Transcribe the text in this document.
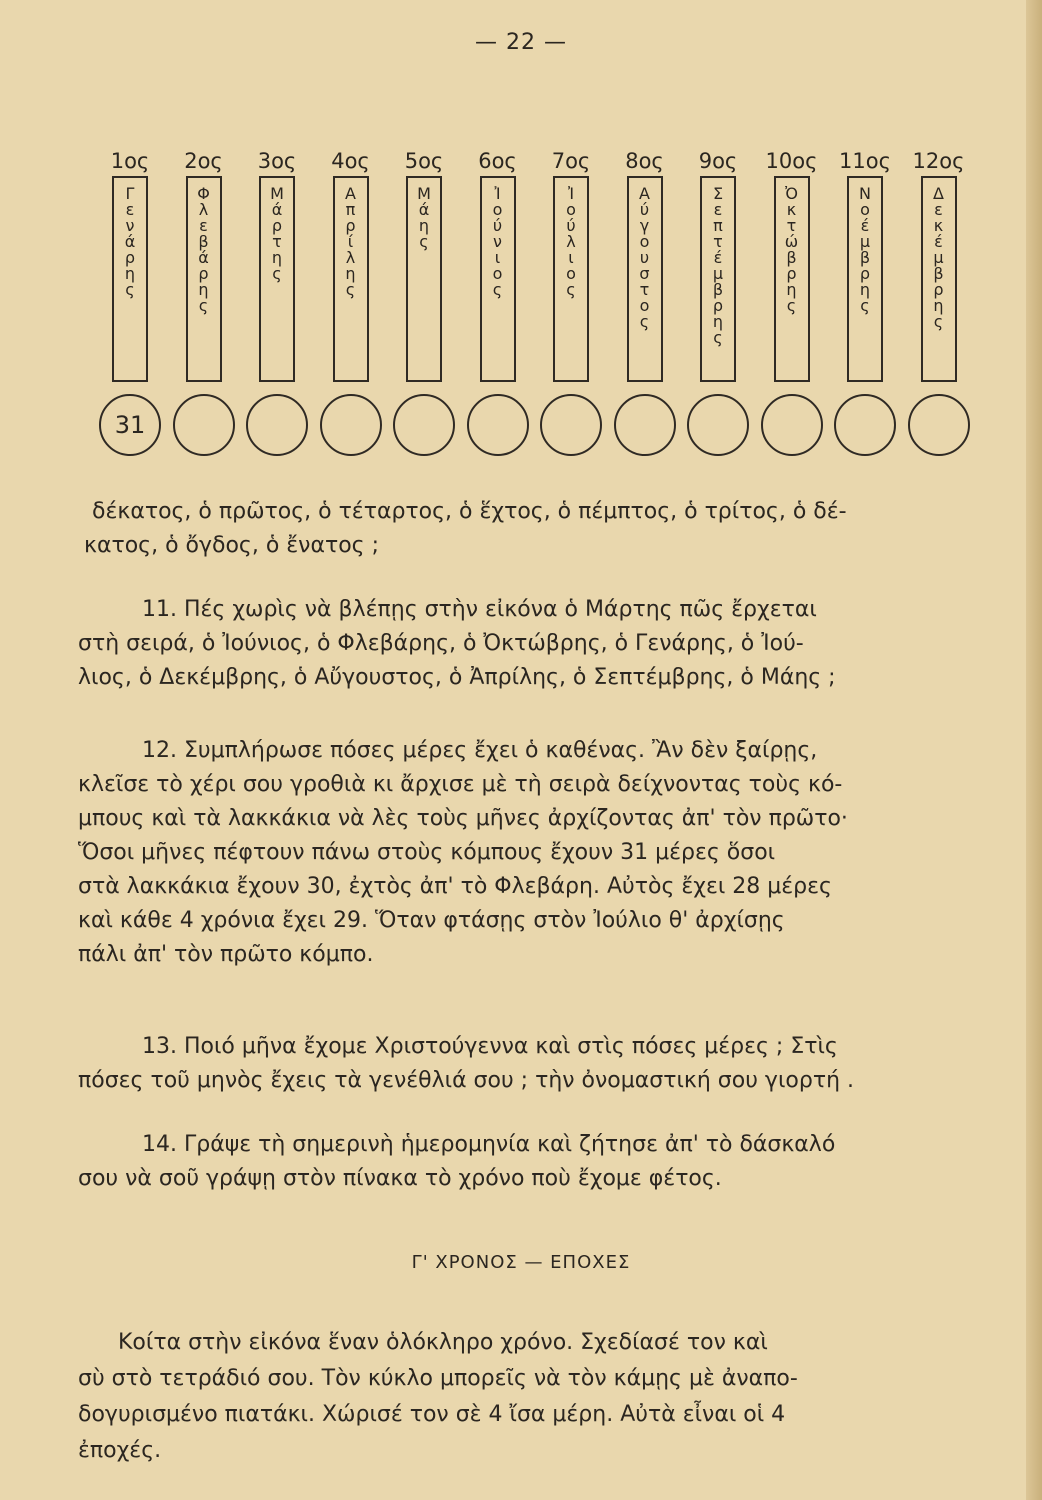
— 22 —
1ος
Γ
ε
ν
ά
ρ
η
ς
31
2ος
Φ
λ
ε
β
ά
ρ
η
ς
3ος
Μ
ά
ρ
τ
η
ς
4ος
Α
π
ρ
ί
λ
η
ς
5ος
Μ
ά
η
ς
6ος
Ἰ
ο
ύ
ν
ι
ο
ς
7ος
Ἰ
ο
ύ
λ
ι
ο
ς
8ος
Α
ύ
γ
ο
υ
σ
τ
ο
ς
9ος
Σ
ε
π
τ
έ
μ
β
ρ
η
ς
10ος
Ὀ
κ
τ
ώ
β
ρ
η
ς
11ος
Ν
ο
έ
μ
β
ρ
η
ς
12ος
Δ
ε
κ
έ
μ
β
ρ
η
ς

δέκατος, ὁ πρῶτος, ὁ τέταρτος, ὁ ἕχτος, ὁ πέμπτος, ὁ τρίτος, ὁ δέ-

κατος, ὁ ὄγδος, ὁ ἔνατος ;

11. Πές χωρὶς νὰ βλέπῃς στὴν εἰκόνα ὁ Μάρτης πῶς ἔρχεται

στὴ σειρά, ὁ Ἰούνιος, ὁ Φλεβάρης, ὁ Ὀκτώβρης, ὁ Γενάρης, ὁ Ἰού-

λιος, ὁ Δεκέμβρης, ὁ Αὔγουστος, ὁ Ἀπρίλης, ὁ Σεπτέμβρης, ὁ Μάης ;

12. Συμπλήρωσε πόσες μέρες ἔχει ὁ καθένας. Ἂν δὲν ξαίρῃς,

κλεῖσε τὸ χέρι σου γροθιὰ κι ἄρχισε μὲ τὴ σειρὰ δείχνοντας τοὺς κό-

μπους καὶ τὰ λακκάκια νὰ λὲς τοὺς μῆνες ἀρχίζοντας ἀπ' τὸν πρῶτο·

Ὅσοι μῆνες πέφτουν πάνω στοὺς κόμπους ἔχουν 31 μέρες ὅσοι

στὰ λακκάκια ἔχουν 30, ἐχτὸς ἀπ' τὸ Φλεβάρη. Αὐτὸς ἔχει 28 μέρες

καὶ κάθε 4 χρόνια ἔχει 29. Ὅταν φτάσῃς στὸν Ἰούλιο θ' ἀρχίσῃς

πάλι ἀπ' τὸν πρῶτο κόμπο.

13. Ποιό μῆνα ἔχομε Χριστούγεννα καὶ στὶς πόσες μέρες ; Στὶς

πόσες τοῦ μηνὸς ἔχεις τὰ γενέθλιά σου ; τὴν ὀνομαστική σου γιορτή .

14. Γράψε τὴ σημερινὴ ἡμερομηνία καὶ ζήτησε ἀπ' τὸ δάσκαλό

σου νὰ σοῦ γράψῃ στὸν πίνακα τὸ χρόνο ποὺ ἔχομε φέτος.

Γ' ΧΡΟΝΟΣ — ΕΠΟΧΕΣ

Κοίτα στὴν εἰκόνα ἕναν ὁλόκληρο χρόνο. Σχεδίασέ τον καὶ

σὺ στὸ τετράδιό σου. Τὸν κύκλο μπορεῖς νὰ τὸν κάμῃς μὲ ἀναπο-

δογυρισμένο πιατάκι. Χώρισέ τον σὲ 4 ἴσα μέρη. Αὐτὰ εἶναι οἱ 4

ἐποχές.
